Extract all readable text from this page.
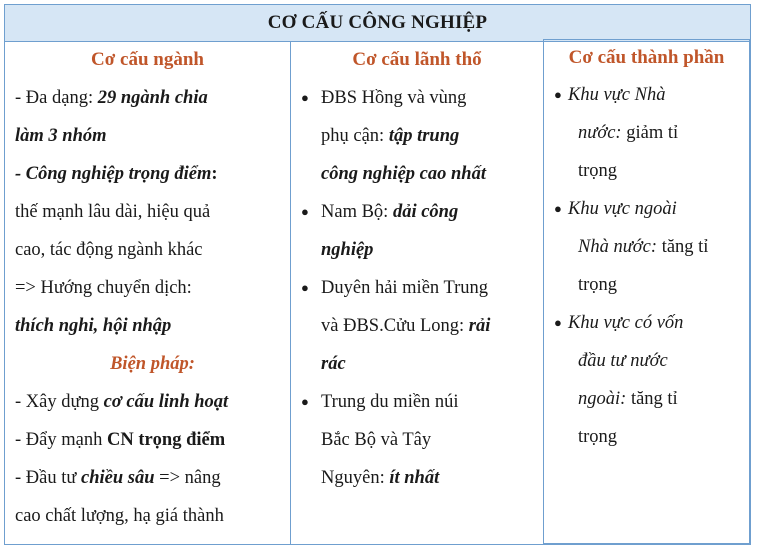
CƠ CẤU CÔNG NGHIỆP
Cơ cấu ngành
- Đa dạng: 29 ngành chia
làm 3 nhóm
- Công nghiệp trọng điểm:
thế mạnh lâu dài, hiệu quả
cao, tác động ngành khác
=> Hướng chuyển dịch:
thích nghi, hội nhập
Biện pháp:
- Xây dựng cơ cấu linh hoạt
- Đẩy mạnh CN trọng điểm
- Đầu tư chiều sâu => nâng
cao chất lượng, hạ giá thành
Cơ cấu lãnh thổ
● ĐBS Hồng và vùng
phụ cận: tập trung
công nghiệp cao nhất
● Nam Bộ: dải công
nghiệp
● Duyên hải miền Trung
và ĐBS.Cửu Long: rải
rác
● Trung du miền núi
Bắc Bộ và Tây
Nguyên: ít nhất
Cơ cấu thành phần
● Khu vực Nhà
nước: giảm tỉ
trọng
● Khu vực ngoài
Nhà nước: tăng tỉ
trọng
● Khu vực có vốn
đầu tư nước
ngoài: tăng tỉ
trọng
